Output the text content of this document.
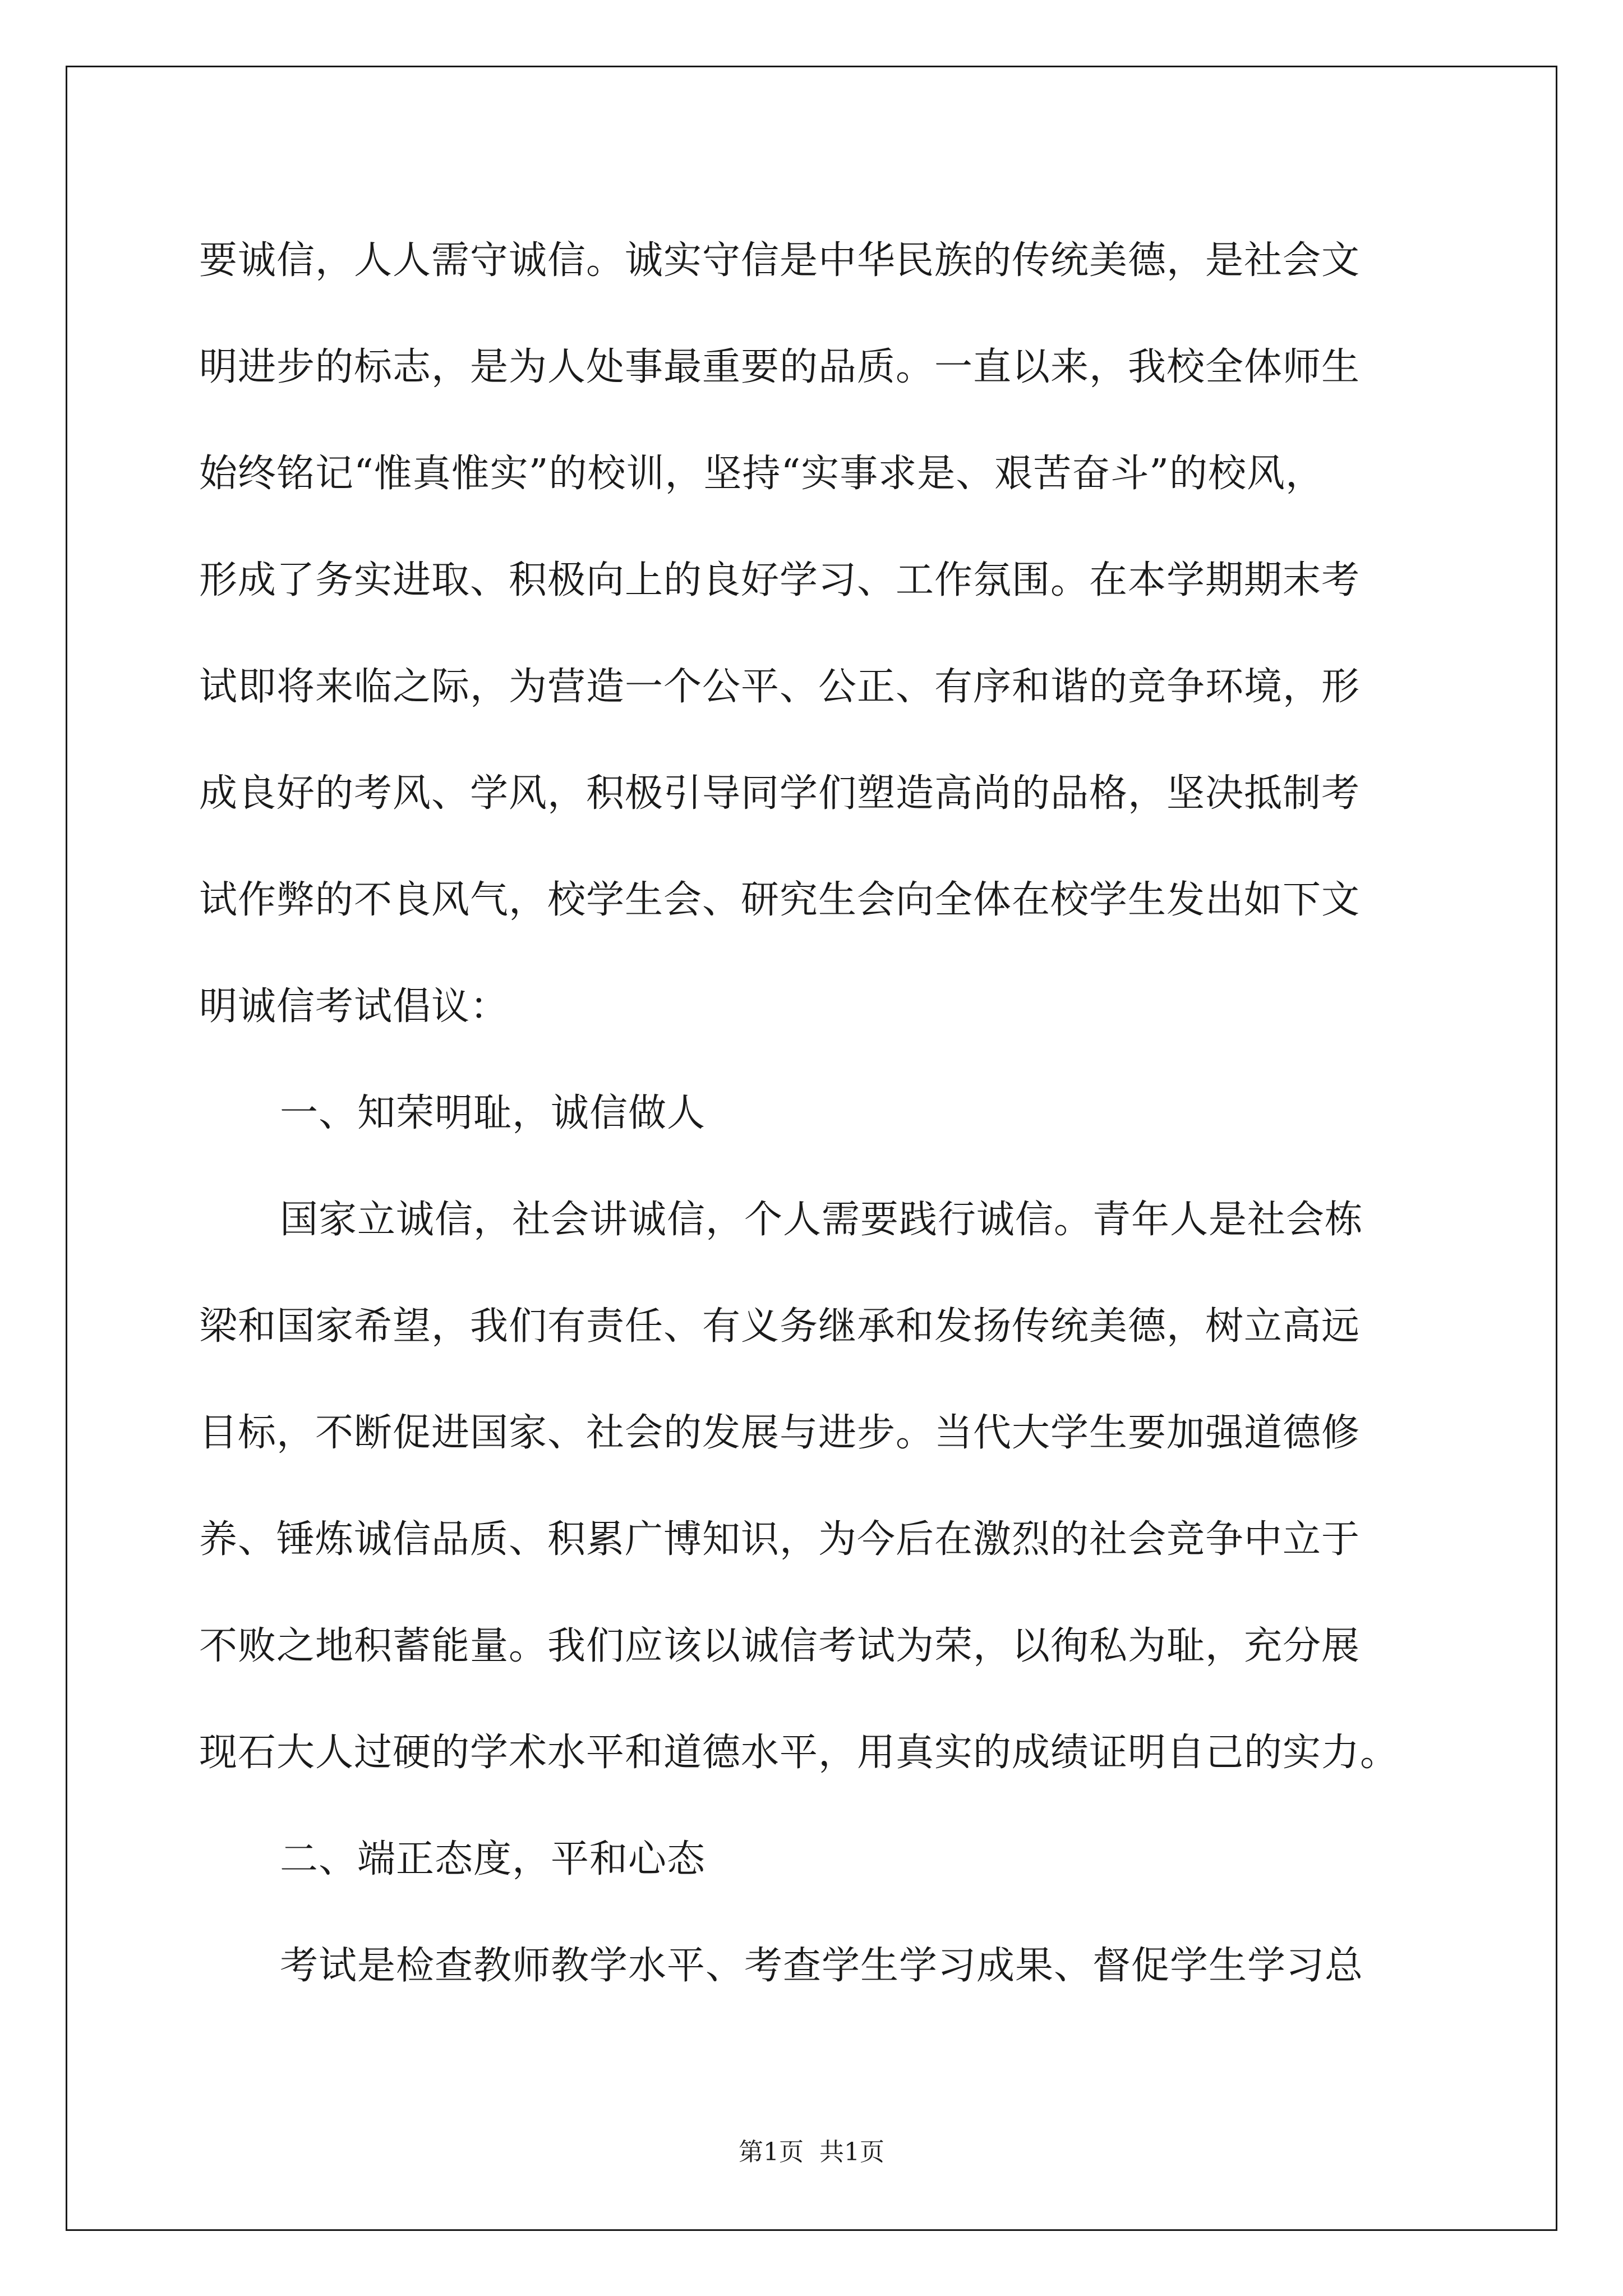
要诚信，人人需守诚信。诚实守信是中华民族的传统美德，是社会文
明进步的标志，是为人处事最重要的品质。一直以来，我校全体师生
始终铭记“惟真惟实”的校训，坚持“实事求是、艰苦奋斗”的校风，
形成了务实进取、积极向上的良好学习、工作氛围。在本学期期末考
试即将来临之际，为营造一个公平、公正、有序和谐的竞争环境，形
成良好的考风、学风，积极引导同学们塑造高尚的品格，坚决抵制考
试作弊的不良风气，校学生会、研究生会向全体在校学生发出如下文
明诚信考试倡议：
一、知荣明耻，诚信做人
国家立诚信，社会讲诚信，个人需要践行诚信。青年人是社会栋
梁和国家希望，我们有责任、有义务继承和发扬传统美德，树立高远
目标，不断促进国家、社会的发展与进步。当代大学生要加强道德修
养、锤炼诚信品质、积累广博知识，为今后在激烈的社会竞争中立于
不败之地积蓄能量。我们应该以诚信考试为荣，以徇私为耻，充分展
现石大人过硬的学术水平和道德水平，用真实的成绩证明自己的实力。
二、端正态度，平和心态
考试是检查教师教学水平、考查学生学习成果、督促学生学习总
第1页  共1页
